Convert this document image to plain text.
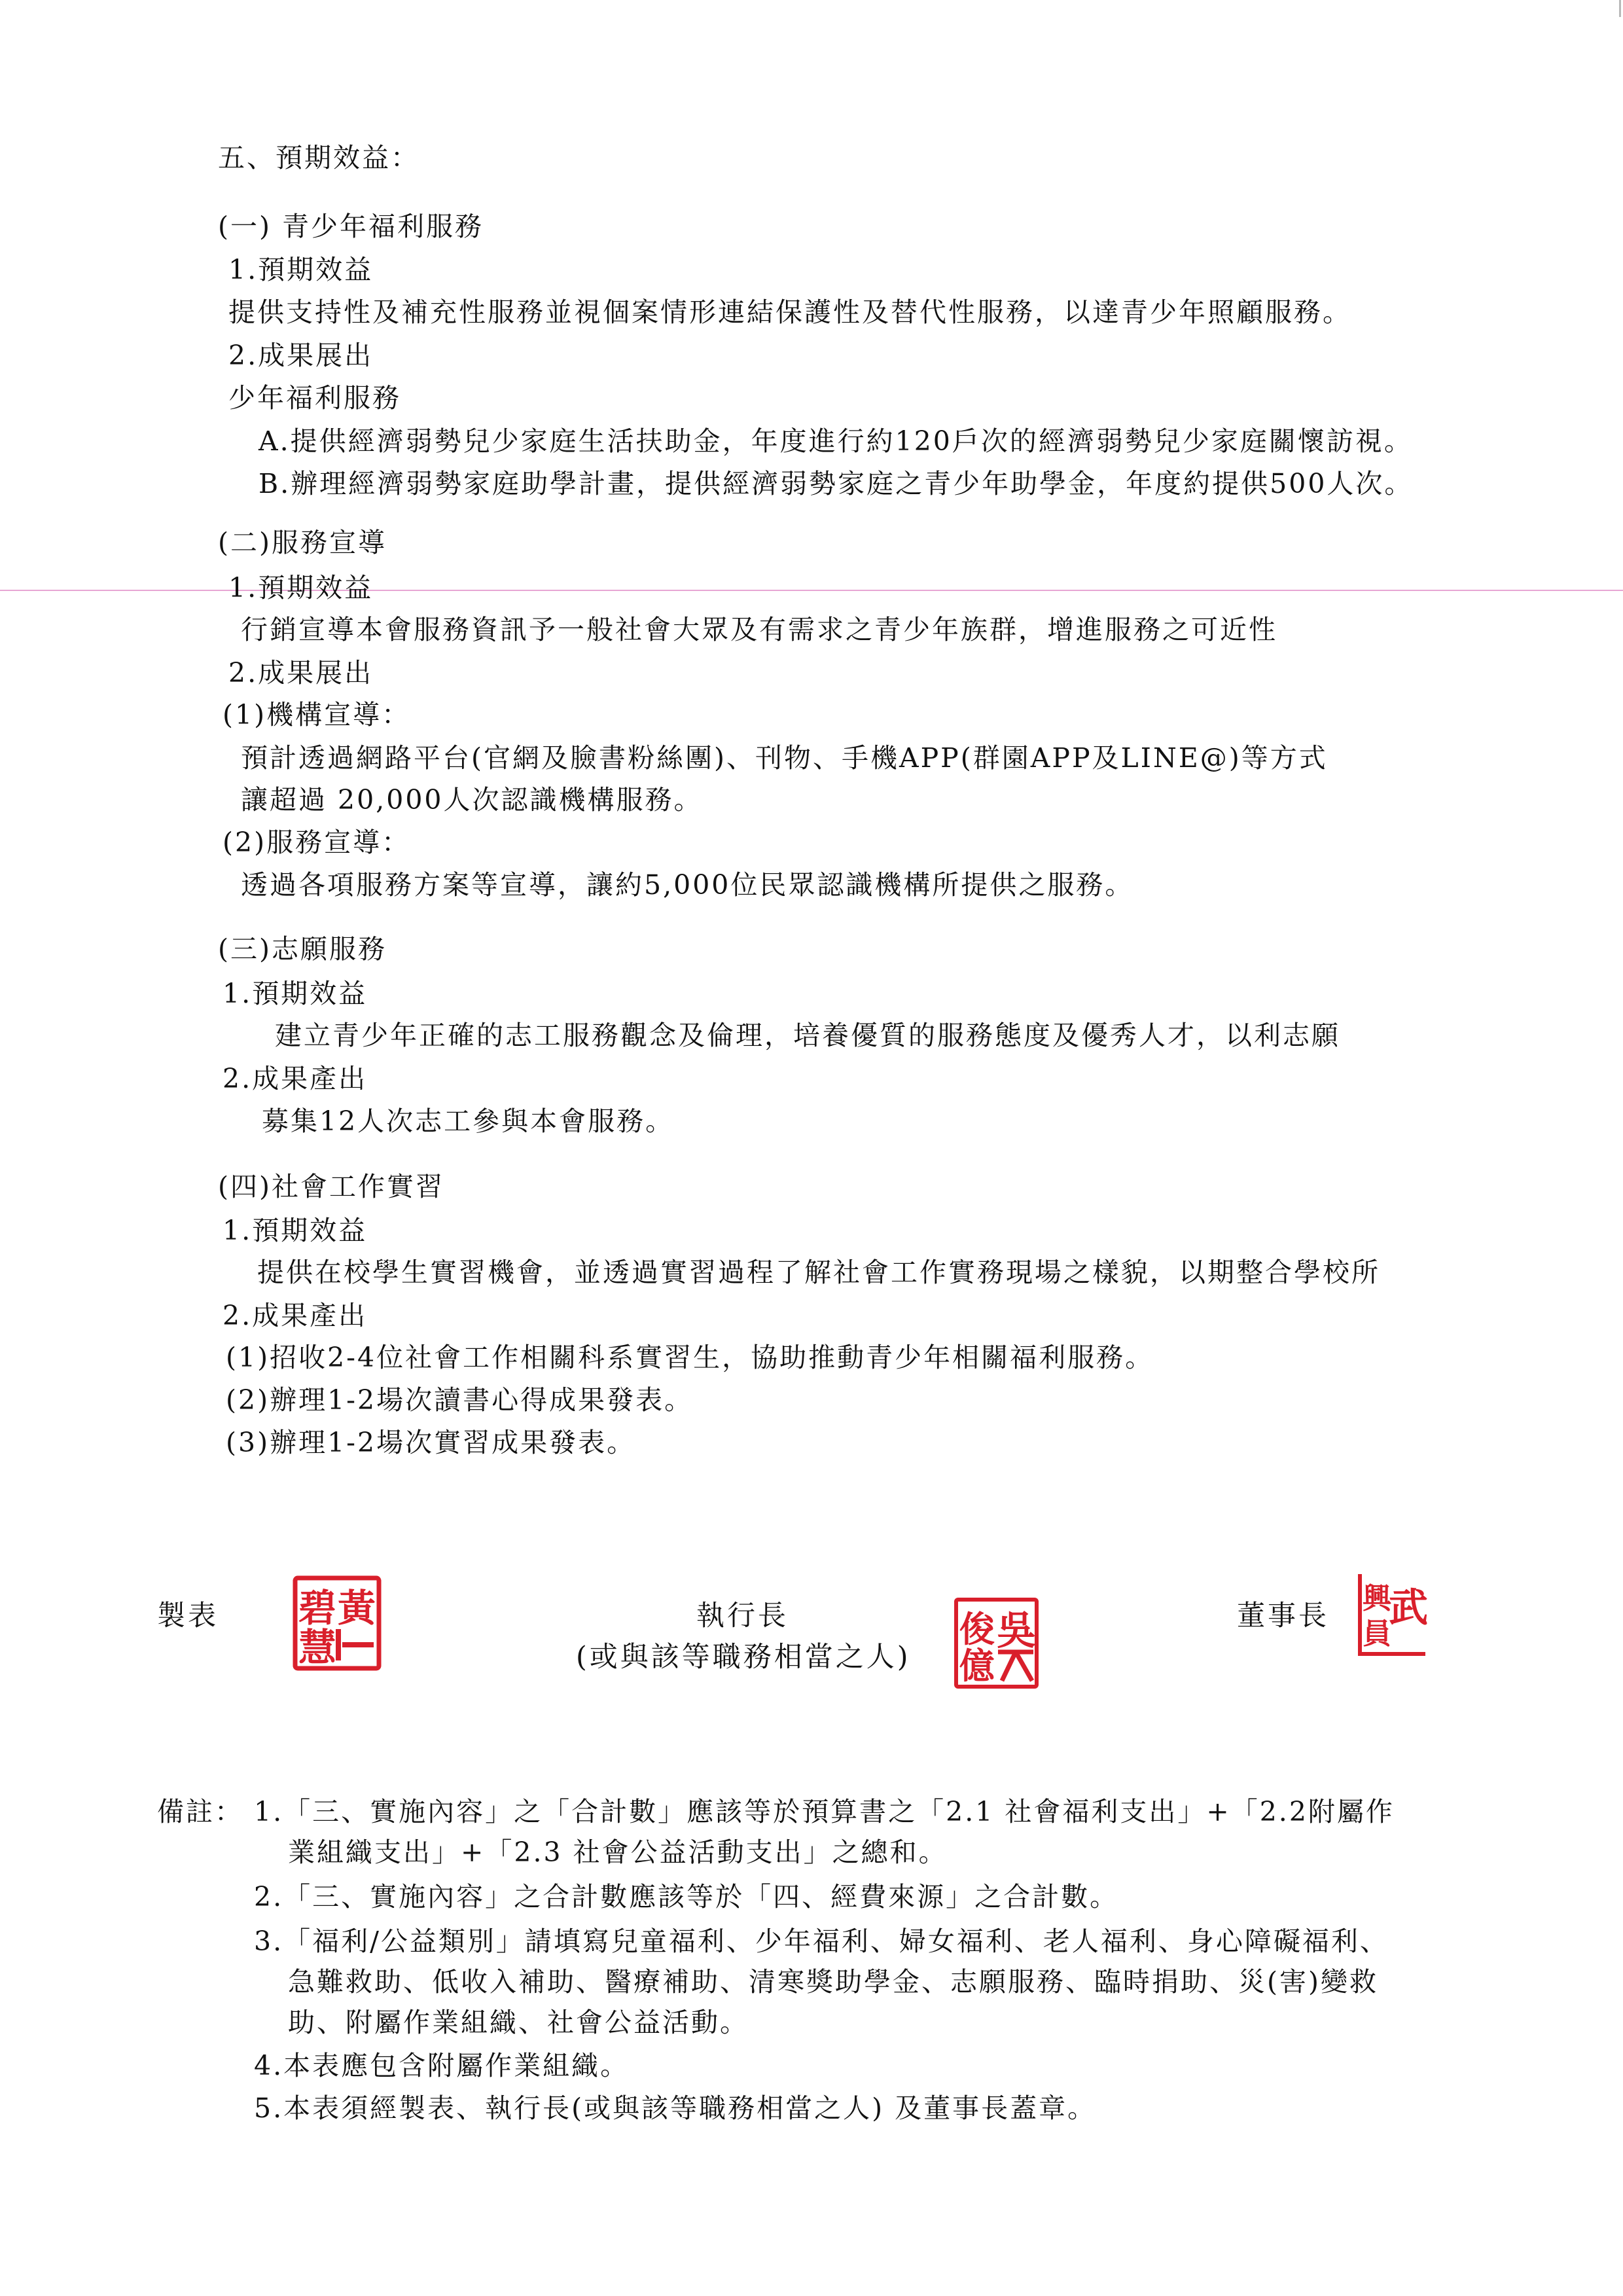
五、預期效益：
(一) 青少年福利服務
1.預期效益
提供支持性及補充性服務並視個案情形連結保護性及替代性服務，以達青少年照顧服務。
2.成果展出
少年福利服務
A.提供經濟弱勢兒少家庭生活扶助金，年度進行約120戶次的經濟弱勢兒少家庭關懷訪視。
B.辦理經濟弱勢家庭助學計畫，提供經濟弱勢家庭之青少年助學金，年度約提供500人次。
(二)服務宣導
1.預期效益
行銷宣導本會服務資訊予一般社會大眾及有需求之青少年族群，增進服務之可近性
2.成果展出
(1)機構宣導：
預計透過網路平台(官網及臉書粉絲團)、刊物、手機APP(群園APP及LINE@)等方式
讓超過 20,000人次認識機構服務。
(2)服務宣導：
透過各項服務方案等宣導，讓約5,000位民眾認識機構所提供之服務。
(三)志願服務
1.預期效益
建立青少年正確的志工服務觀念及倫理，培養優質的服務態度及優秀人才，以利志願
2.成果產出
募集12人次志工參與本會服務。
(四)社會工作實習
1.預期效益
提供在校學生實習機會，並透過實習過程了解社會工作實務現場之樣貌，以期整合學校所
2.成果產出
(1)招收2-4位社會工作相關科系實習生，協助推動青少年相關福利服務。
(2)辦理1-2場次讀書心得成果發表。
(3)辦理1-2場次實習成果發表。
製表	黃
碧
慧
執行長
(或與該等職務相當之人)
吳
俊
億
董事長 武
興
員
備註： 1.「三、實施內容」之「合計數」應該等於預算書之「2.1 社會福利支出」+「2.2附屬作
業組織支出」+「2.3 社會公益活動支出」之總和。
2.「三、實施內容」之合計數應該等於「四、經費來源」之合計數。
3.「福利/公益類別」請填寫兒童福利、少年福利、婦女福利、老人福利、身心障礙福利、
急難救助、低收入補助、醫療補助、清寒獎助學金、志願服務、臨時捐助、災(害)變救
助、附屬作業組織、社會公益活動。
4.本表應包含附屬作業組織。
5.本表須經製表、執行長(或與該等職務相當之人) 及董事長蓋章。
